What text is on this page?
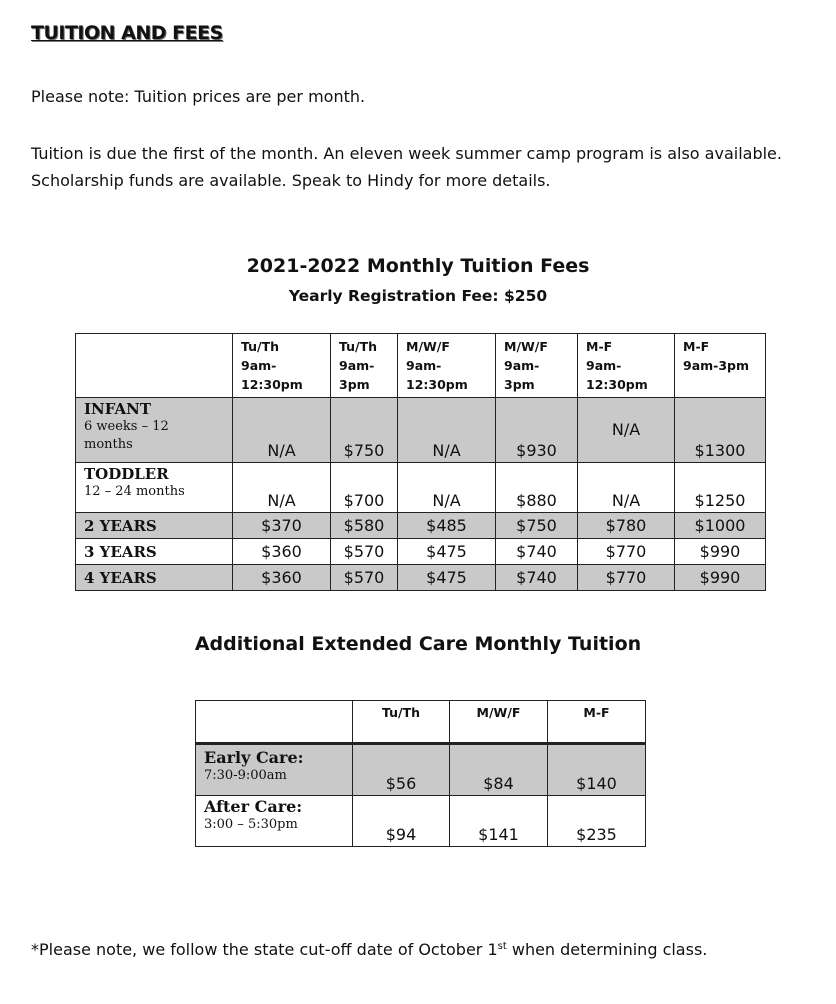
TUITION AND FEES
Please note: Tuition prices are per month.
Tuition is due the first of the month. An eleven week summer camp program is also available.
Scholarship funds are available. Speak to Hindy for more details.
2021-2022 Monthly Tuition Fees
Yearly Registration Fee: $250
	Tu/Th
9am-
12:30pm	Tu/Th
9am-
3pm	M/W/F
9am-
12:30pm	M/W/F
9am-
3pm	M-F
9am-
12:30pm	M-F
9am-3pm

INFANT
6 weeks – 12
months	N/A	$750	N/A	$930	N/A	$1300

TODDLER
12 – 24 months	N/A	$700	N/A	$880	N/A	$1250

2 YEARS	$370	$580	$485	$750	$780	$1000

3 YEARS	$360	$570	$475	$740	$770	$990

4 YEARS	$360	$570	$475	$740	$770	$990
Additional Extended Care Monthly Tuition
	Tu/Th	M/W/F	M-F

Early Care:
7:30-9:00am	$56	$84	$140

After Care:
3:00 – 5:30pm	$94	$141	$235
*Please note, we follow the state cut-off date of October 1st when determining class.
